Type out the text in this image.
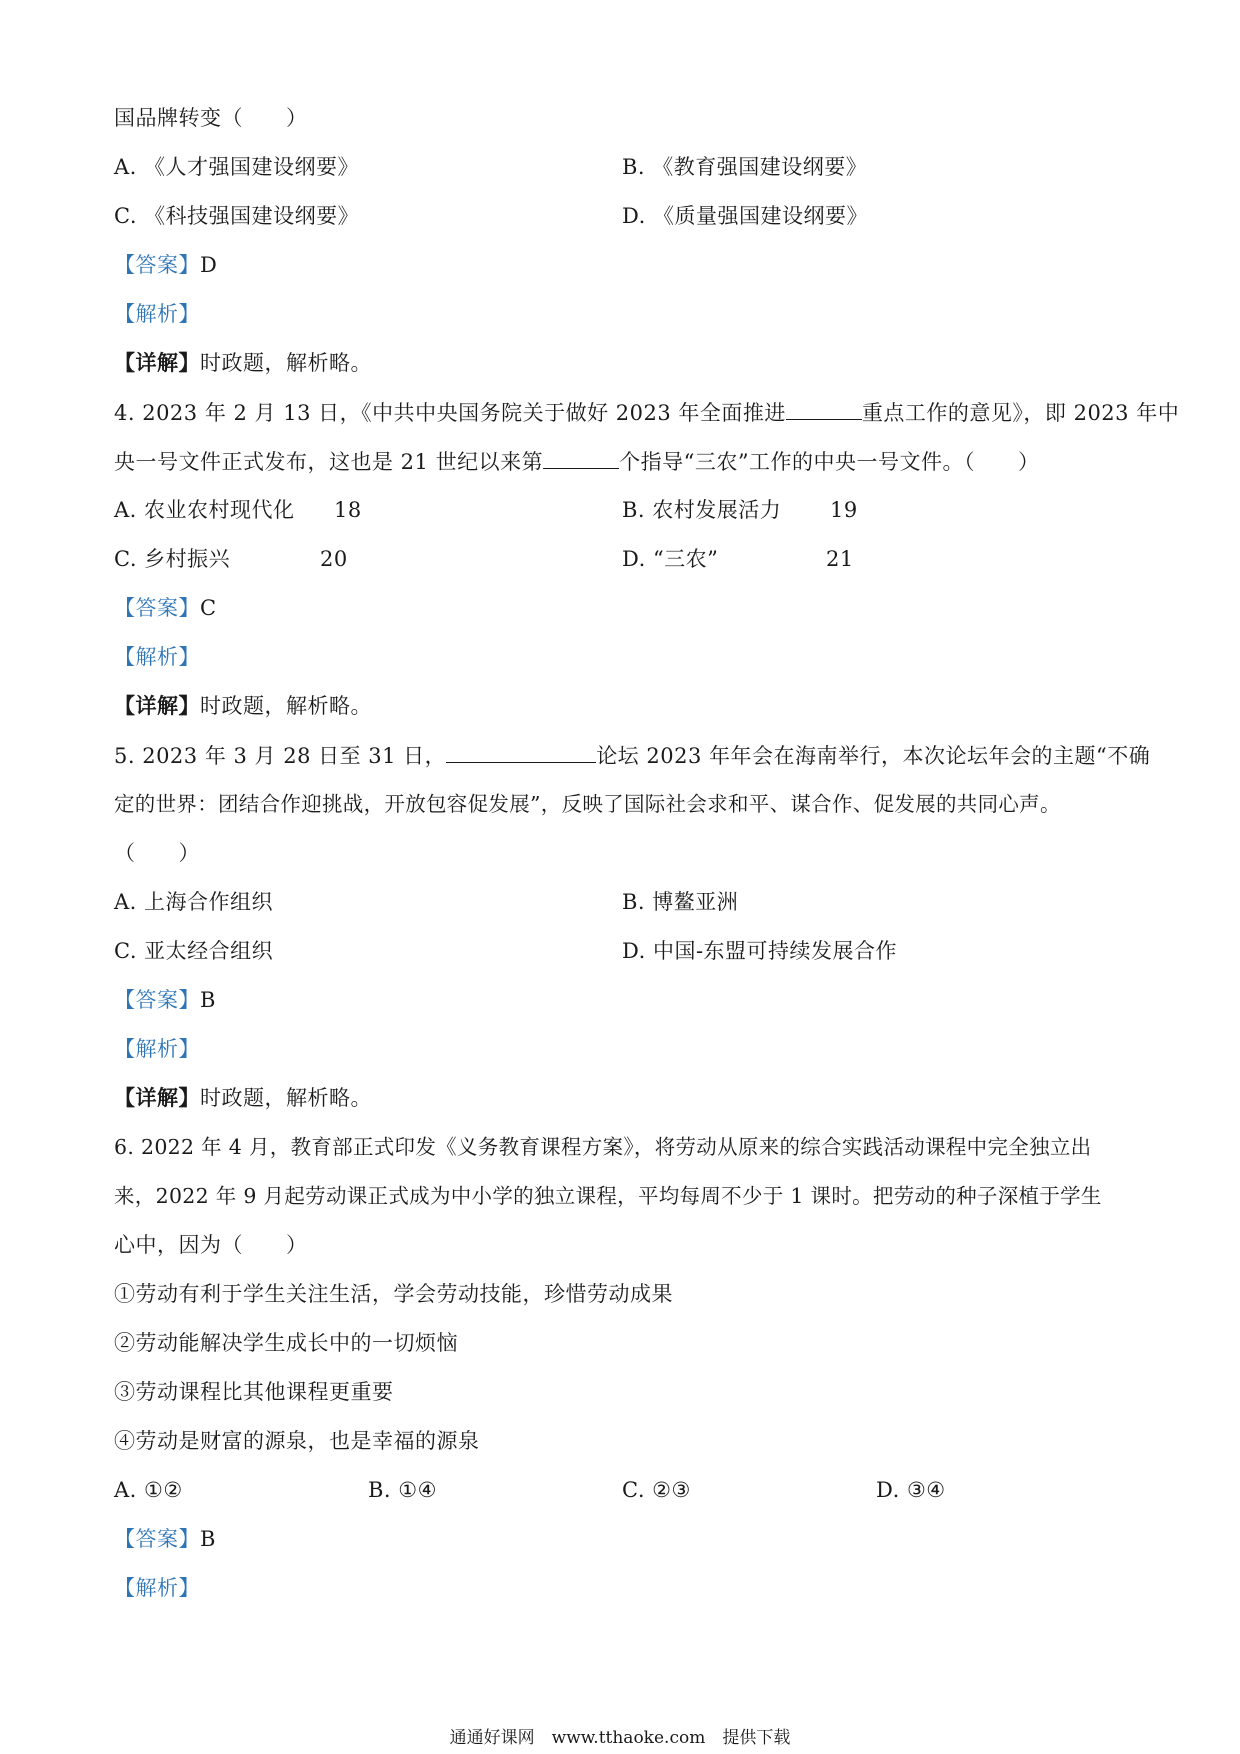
国品牌转变（　　）
A. 《人才强国建设纲要》	B. 《教育强国建设纲要》
C. 《科技强国建设纲要》	D. 《质量强国建设纲要》
【答案】D
【解析】
【详解】时政题，解析略。
4. 2023 年 2 月 13 日，《中共中央国务院关于做好 2023 年全面推进	重点工作的意见》，即 2023 年中
央一号文件正式发布，这也是 21 世纪以来第	个指导“三农”工作的中央一号文件。（　　）
A. 农业农村现代化 18	B. 农村发展活力 19
C. 乡村振兴	20	D. “三农”	21
【答案】C
【解析】
【详解】时政题，解析略。
5. 2023 年 3 月 28 日至 31 日，	论坛 2023 年年会在海南举行，本次论坛年会的主题“不确
定的世界：团结合作迎挑战，开放包容促发展”，反映了国际社会求和平、谋合作、促发展的共同心声。
（　　）
A. 上海合作组织	B. 博鳌亚洲
C. 亚太经合组织	D. 中国-东盟可持续发展合作
【答案】B
【解析】
【详解】时政题，解析略。
6. 2022 年 4 月，教育部正式印发《义务教育课程方案》，将劳动从原来的综合实践活动课程中完全独立出
来，2022 年 9 月起劳动课正式成为中小学的独立课程，平均每周不少于 1 课时。把劳动的种子深植于学生
心中，因为（　　）
①劳动有利于学生关注生活，学会劳动技能，珍惜劳动成果
②劳动能解决学生成长中的一切烦恼
③劳动课程比其他课程更重要
④劳动是财富的源泉，也是幸福的源泉
A. ①②	B. ①④	C. ②③	D. ③④
【答案】B
【解析】
通通好课网　www.tthaoke.com　提供下载
